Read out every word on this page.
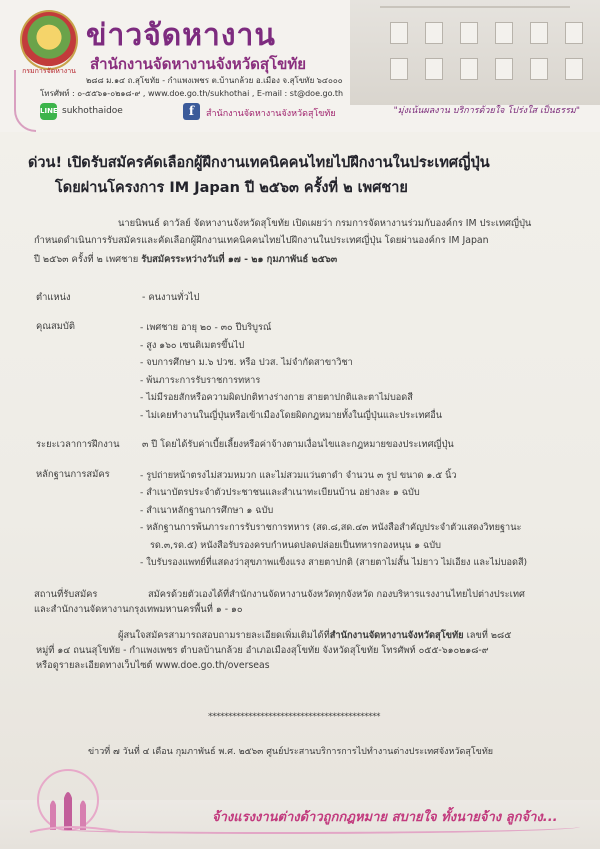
กรมการจัดหางาน
ข่าวจัดหางาน
สำนักงานจัดหางานจังหวัดสุโขทัย
๒๘๘ ม.๑๔ ถ.สุโขทัย - กำแพงเพชร ต.บ้านกล้วย อ.เมือง จ.สุโขทัย ๖๔๐๐๐
โทรศัพท์ : ๐-๕๕๖๑-๐๒๑๘-๙ , www.doe.go.th/sukhothai , E-mail : st@doe.go.th
LINE sukhothaidoe	f	สำนักงานจัดหางานจังหวัดสุโขทัย	"มุ่งเน้นผลงาน บริการด้วยใจ โปร่งใส เป็นธรรม"
ด่วน! เปิดรับสมัครคัดเลือกผู้ฝึกงานเทคนิคคนไทยไปฝึกงานในประเทศญี่ปุ่น
โดยผ่านโครงการ IM Japan ปี ๒๕๖๓ ครั้งที่ ๒ เพศชาย
นายนิพนธ์ ดาวัลย์ จัดหางานจังหวัดสุโขทัย เปิดเผยว่า กรมการจัดหางานร่วมกับองค์กร IM ประเทศญี่ปุ่น
กำหนดดำเนินการรับสมัครและคัดเลือกผู้ฝึกงานเทคนิคคนไทยไปฝึกงานในประเทศญี่ปุ่น โดยผ่านองค์กร IM Japan
ปี ๒๕๖๓ ครั้งที่ ๒ เพศชาย รับสมัครระหว่างวันที่ ๑๗ - ๒๑ กุมภาพันธ์ ๒๕๖๓
ตำแหน่ง	- คนงานทั่วไป
คุณสมบัติ	- เพศชาย อายุ ๒๐ - ๓๐ ปีบริบูรณ์
- สูง ๑๖๐ เซนติเมตรขึ้นไป
- จบการศึกษา ม.๖ ปวช. หรือ ปวส. ไม่จำกัดสาขาวิชา
- พ้นภาระการรับราชการทหาร
- ไม่มีรอยสักหรือความผิดปกติทางร่างกาย สายตาปกติและตาไม่บอดสี
- ไม่เคยทำงานในญี่ปุ่นหรือเข้าเมืองโดยผิดกฎหมายทั้งในญี่ปุ่นและประเทศอื่น
ระยะเวลาการฝึกงาน ๓ ปี โดยได้รับค่าเบี้ยเลี้ยงหรือค่าจ้างตามเงื่อนไขและกฎหมายของประเทศญี่ปุ่น
หลักฐานการสมัคร	- รูปถ่ายหน้าตรงไม่สวมหมวก และไม่สวมแว่นตาดำ จำนวน ๓ รูป ขนาด ๑.๕ นิ้ว
- สำเนาบัตรประจำตัวประชาชนและสำเนาทะเบียนบ้าน อย่างละ ๑ ฉบับ
- สำเนาหลักฐานการศึกษา ๑ ฉบับ
- หลักฐานการพ้นภาระการรับราชการทหาร (สด.๘,สด.๔๓ หนังสือสำคัญประจำตัวแสดงวิทยฐานะ
รด.๓,รด.๕) หนังสือรับรองครบกำหนดปลดปล่อยเป็นทหารกองหนุน ๑ ฉบับ
- ใบรับรองแพทย์ที่แสดงว่าสุขภาพแข็งแรง สายตาปกติ (สายตาไม่สั้น ไม่ยาว ไม่เอียง และไม่บอดสี)
สถานที่รับสมัคร	สมัครด้วยตัวเองได้ที่สำนักงานจัดหางานจังหวัดทุกจังหวัด กองบริหารแรงงานไทยไปต่างประเทศ
และสำนักงานจัดหางานกรุงเทพมหานครพื้นที่ ๑ - ๑๐
ผู้สนใจสมัครสามารถสอบถามรายละเอียดเพิ่มเติมได้ที่สำนักงานจัดหางานจังหวัดสุโขทัย เลขที่ ๒๘๕
หมู่ที่ ๑๔ ถนนสุโขทัย - กำแพงเพชร ตำบลบ้านกล้วย อำเภอเมืองสุโขทัย จังหวัดสุโขทัย โทรศัพท์ ๐๕๕-๖๑๐๒๑๘-๙
หรือดูรายละเอียดทางเว็บไซต์ www.doe.go.th/overseas
*******************************************
ข่าวที่ ๗ วันที่ ๔ เดือน กุมภาพันธ์ พ.ศ. ๒๕๖๓ ศูนย์ประสานบริการการไปทำงานต่างประเทศจังหวัดสุโขทัย
จ้างแรงงานต่างด้าวถูกกฎหมาย สบายใจ ทั้งนายจ้าง ลูกจ้าง...
